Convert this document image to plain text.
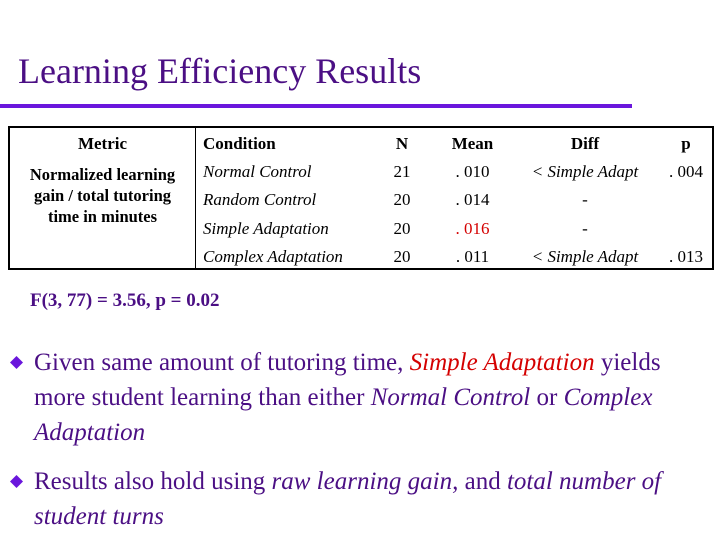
Learning Efficiency Results
Metric	Condition	N	Mean	Diff	p
Normalized learning
gain / total tutoring
time in minutes
Normal Control	21	. 010	< Simple Adapt	. 004
Random Control	20	. 014	-
Simple Adaptation	20	. 016	-
Complex Adaptation	20	. 011	< Simple Adapt	. 013
F(3, 77) = 3.56, p = 0.02
Given same amount of tutoring time, Simple Adaptation yields more student learning than either Normal Control or Complex Adaptation
Results also hold using raw learning gain, and total number of student turns
